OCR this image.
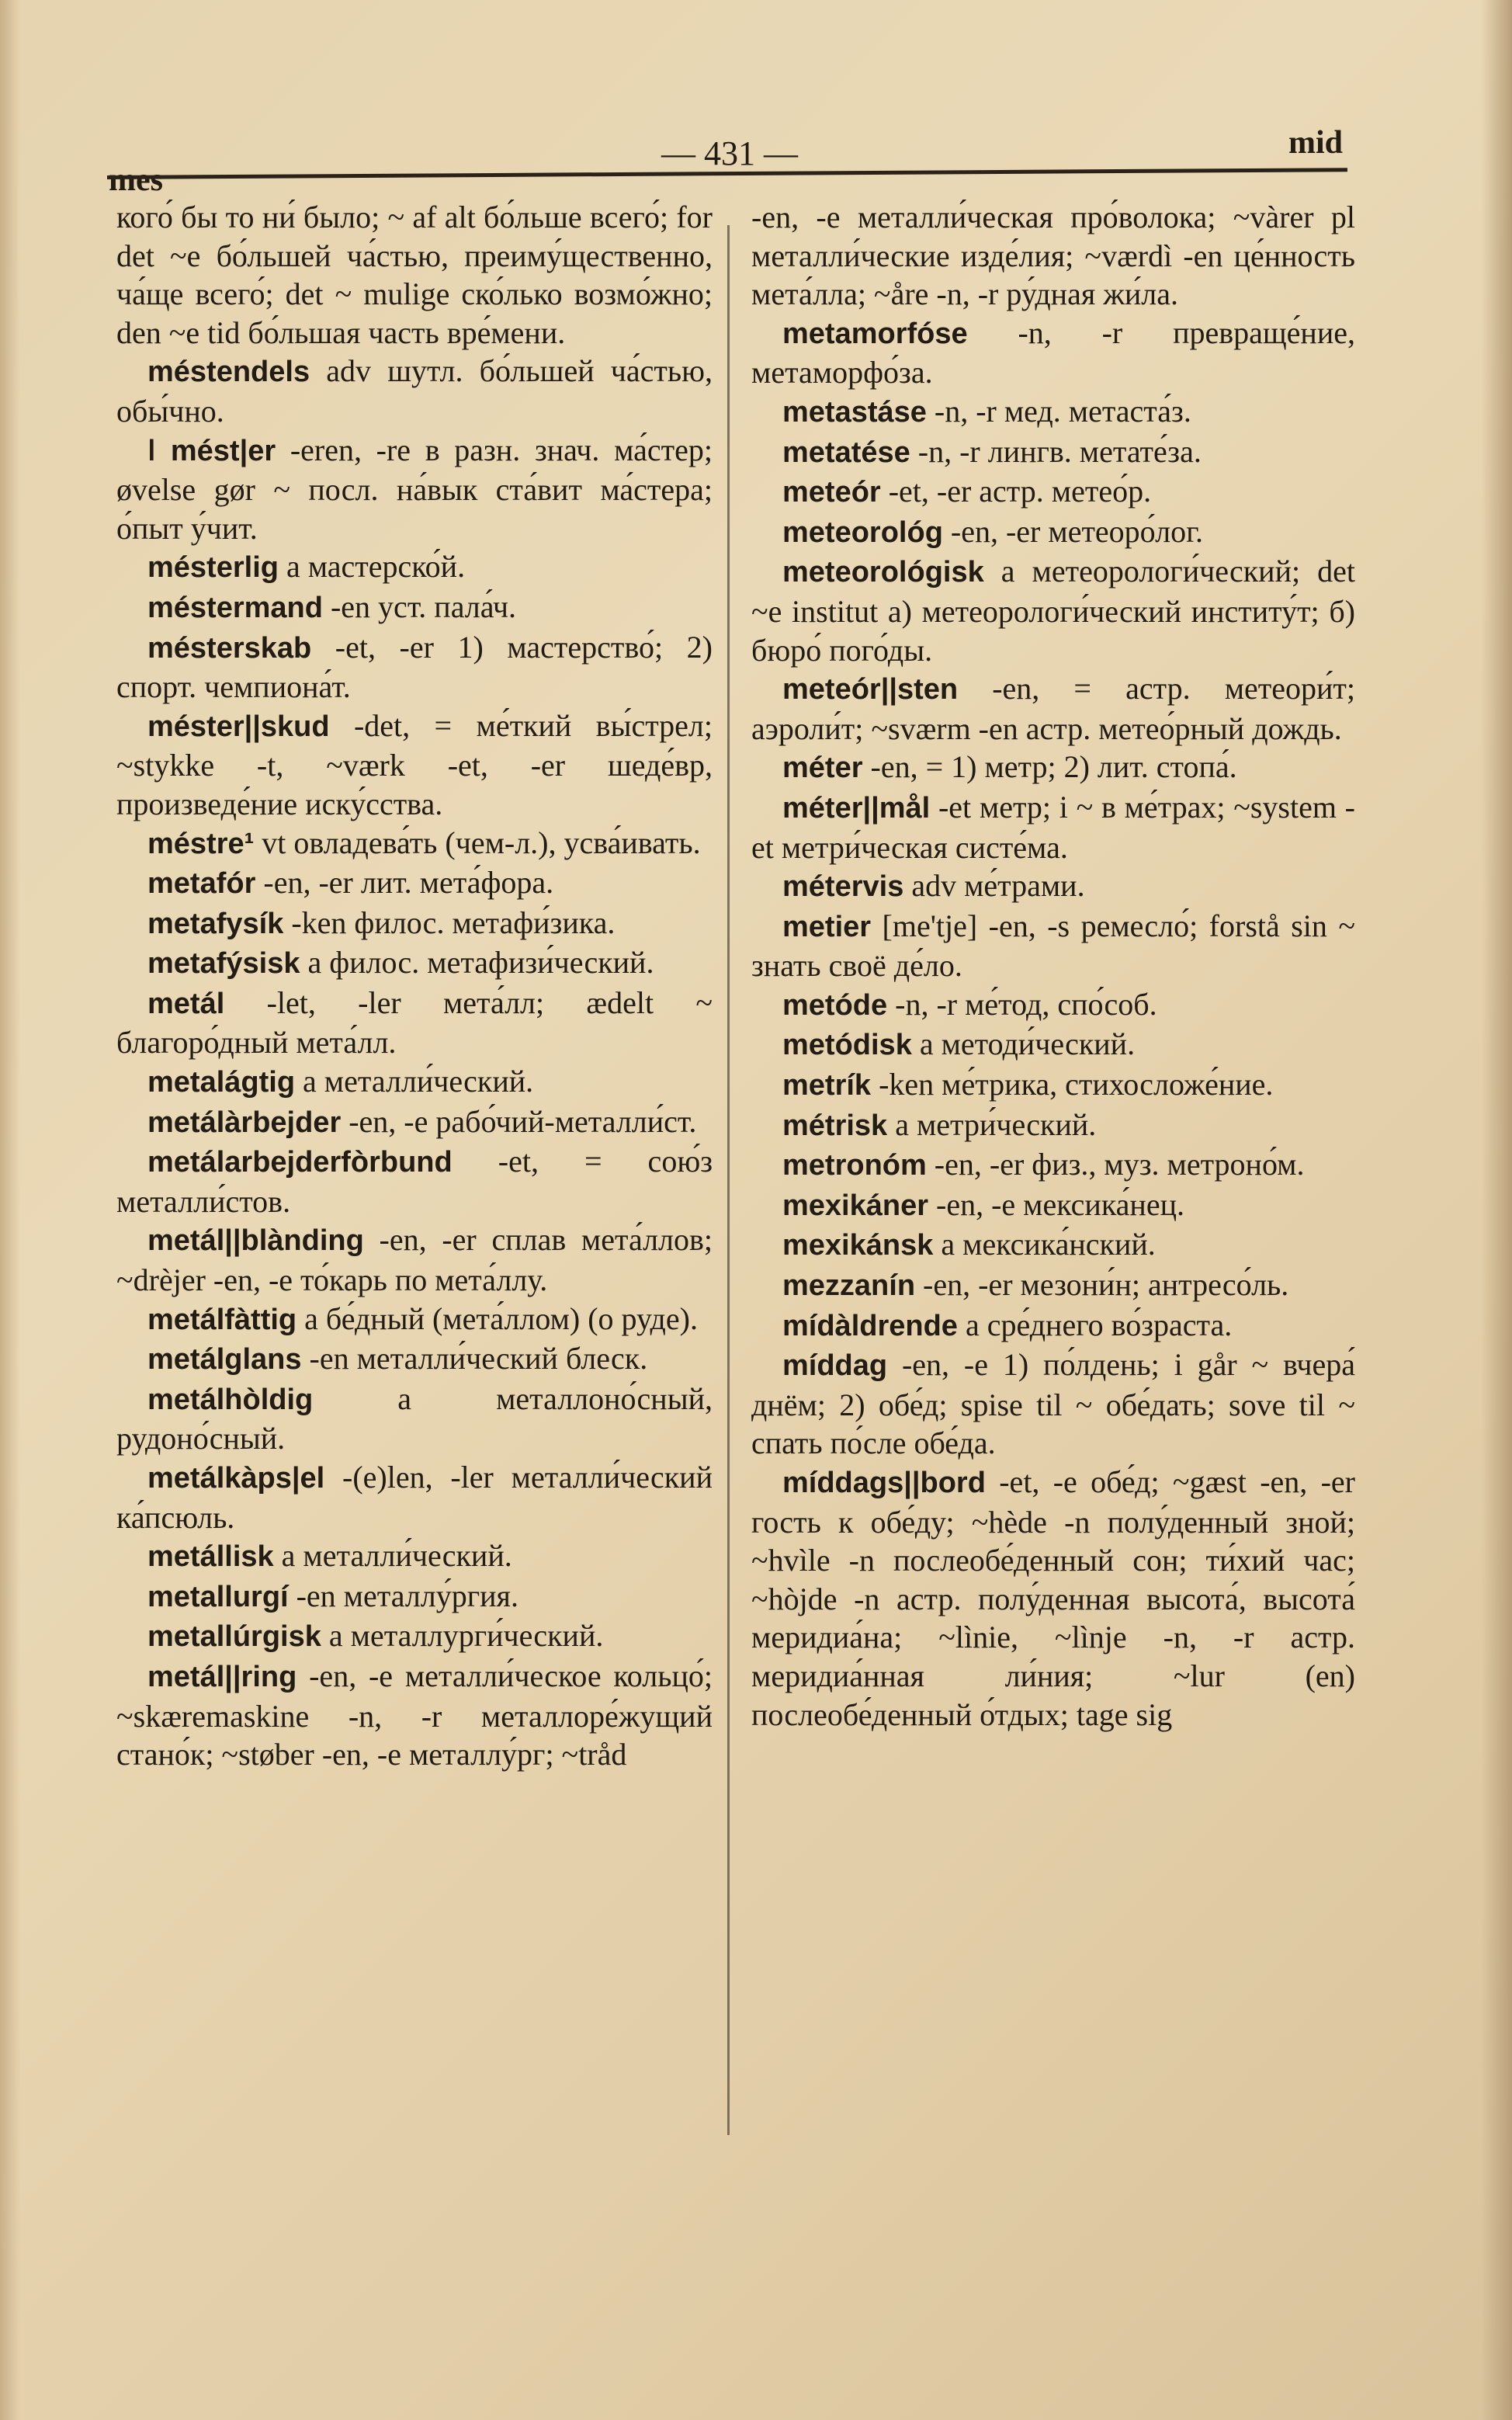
mes
— 431 —	mid

кого́ бы то ни́ было; ~ af alt бо́льше всего́; for det ~e бо́льшей ча́стью, преиму́щественно, ча́ще всего́; det ~ mulige ско́лько возмо́жно; den ~e tid бо́льшая часть вре́мени.

méstendels adv шутл. бо́льшей ча́стью, обы́чно.

ǀ mést|er -eren, -re в разн. знач. ма́стер; øvelse gør ~ посл. на́вык ста́вит ма́стера; о́пыт у́чит.

mésterlig a мастерско́й.

méstermand -en уст. пала́ч.

mésterskab -et, -er 1) мастерство́; 2) спорт. чемпиона́т.

méster||skud -det, = ме́ткий вы́стрел; ~stykke -t, ~værk -et, -er шеде́вр, произведе́ние иску́сства.

méstre¹ vt овладева́ть (чем-л.), усва́ивать.

metafór -en, -er лит. мета́фора.

metafysík -ken филос. метафи́зика.

metafýsisk a филос. метафизи́ческий.

metál -let, -ler мета́лл; ædelt ~ благоро́дный мета́лл.

metalágtig a металли́ческий.

metálàrbejder -en, -e рабо́чий-металли́ст.

metálarbejderfòrbund -et, = сою́з металли́стов.

metál||blànding -en, -er сплав мета́ллов; ~drèjer -en, -e то́карь по мета́ллу.

metálfàttig a бе́дный (мета́ллом) (о руде).

metálglans -en металли́ческий блеск.

metálhòldig a металлоно́сный, рудоно́сный.

metálkàps|el -(e)len, -ler металли́ческий ка́псюль.

metállisk a металли́ческий.

metallurgí -en металлу́ргия.

metallúrgisk a металлурги́ческий.

metál||ring -en, -e металли́ческое кольцо́; ~skæremaskine -n, -r металлоре́жущий стано́к; ~støber -en, -e металлу́рг; ~tråd

-en, -e металли́ческая про́волока; ~vàrer pl металли́ческие изде́лия; ~værdì -en це́нность мета́лла; ~åre -n, -r ру́дная жи́ла.

metamorfóse -n, -r превраще́ние, метаморфо́за.

metastáse -n, -r мед. метаста́з.

metatése -n, -r лингв. метате́за.

meteór -et, -er астр. метео́р.

meteorológ -en, -er метеоро́лог.

meteorológisk a метеорологи́ческий; det ~e institut а) метеорологи́ческий институ́т; б) бюро́ пого́ды.

meteór||sten -en, = астр. метеори́т; аэроли́т; ~sværm -en астр. метео́рный дождь.

méter -en, = 1) метр; 2) лит. стопа́.

méter||mål -et метр; i ~ в ме́трах; ~system -et метри́ческая систе́ма.

métervis adv ме́трами.

metier [me'tje] -en, -s ремесло́; forstå sin ~ знать своё де́ло.

metóde -n, -r ме́тод, спо́соб.

metódisk a методи́ческий.

metrík -ken ме́трика, стихосложе́ние.

métrisk a метри́ческий.

metronóm -en, -er физ., муз. метроно́м.

mexikáner -en, -e мексика́нец.

mexikánsk a мексика́нский.

mezzanín -en, -er мезони́н; антресо́ль.

mídàldrende a сре́днего во́зраста.

míddag -en, -e 1) по́лдень; i går ~ вчера́ днём; 2) обе́д; spise til ~ обе́дать; sove til ~ спать по́сле обе́да.

míddags||bord -et, -e обе́д; ~gæst -en, -er гость к обе́ду; ~hède -n полу́денный зной; ~hvìle -n послеобе́денный сон; ти́хий час; ~hòjde -n астр. полу́денная высота́, высота́ меридиа́на; ~lìnie, ~lìnje -n, -r астр. меридиа́нная ли́ния; ~lur (en) послеобе́денный о́тдых; tage sig
